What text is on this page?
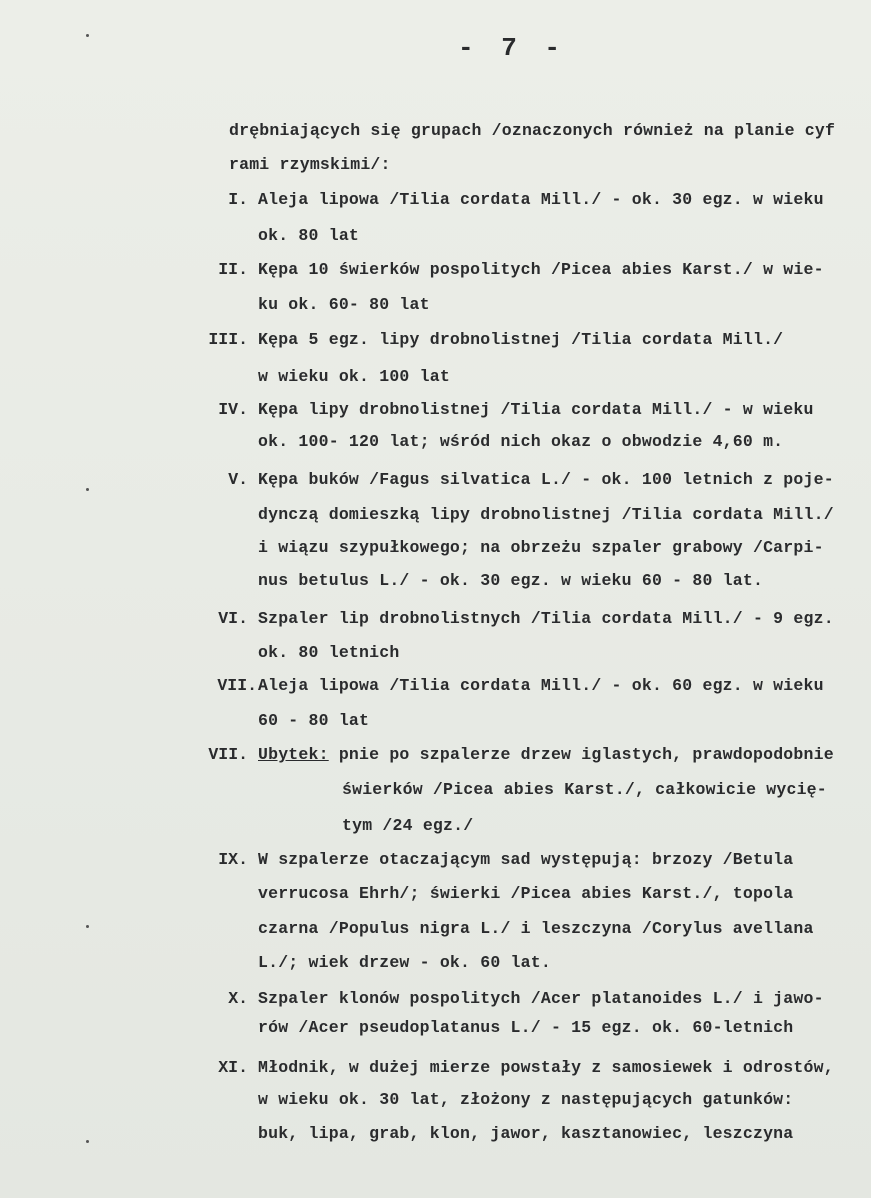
- 7 -
drębniających się grupach /oznaczonych również na planie cyf
rami rzymskimi/:
I. Aleja lipowa /Tilia cordata Mill./ - ok. 30 egz. w wieku
ok. 80 lat
II. Kępa 10 świerków pospolitych /Picea abies Karst./ w wie-
ku ok. 60- 80 lat
III. Kępa 5 egz. lipy drobnolistnej /Tilia cordata Mill./
w wieku ok. 100 lat
IV. Kępa lipy drobnolistnej /Tilia cordata Mill./ - w wieku
ok. 100- 120 lat; wśród nich okaz o obwodzie 4,60 m.
V. Kępa buków /Fagus silvatica L./ - ok. 100 letnich z poje-
dynczą domieszką lipy drobnolistnej /Tilia cordata Mill./
i wiązu szypułkowego; na obrzeżu szpaler grabowy /Carpi-
nus betulus L./ - ok. 30 egz. w wieku 60 - 80 lat.
VI. Szpaler lip drobnolistnych /Tilia cordata Mill./ - 9 egz.
ok. 80 letnich
VII. Aleja lipowa /Tilia cordata Mill./ - ok. 60 egz. w wieku
60 - 80 lat
VII. Ubytek: pnie po szpalerze drzew iglastych, prawdopodobnie
świerków /Picea abies Karst./, całkowicie wycię-
tym /24 egz./
IX. W szpalerze otaczającym sad występują: brzozy /Betula
verrucosa Ehrh/; świerki /Picea abies Karst./, topola
czarna /Populus nigra L./ i leszczyna /Corylus avellana
L./; wiek drzew - ok. 60 lat.
X. Szpaler klonów pospolitych /Acer platanoides L./ i jawo-
rów /Acer pseudoplatanus L./ - 15 egz. ok. 60-letnich
XI. Młodnik, w dużej mierze powstały z samosiewek i odrostów,
w wieku ok. 30 lat, złożony z następujących gatunków:
buk, lipa, grab, klon, jawor, kasztanowiec, leszczyna
